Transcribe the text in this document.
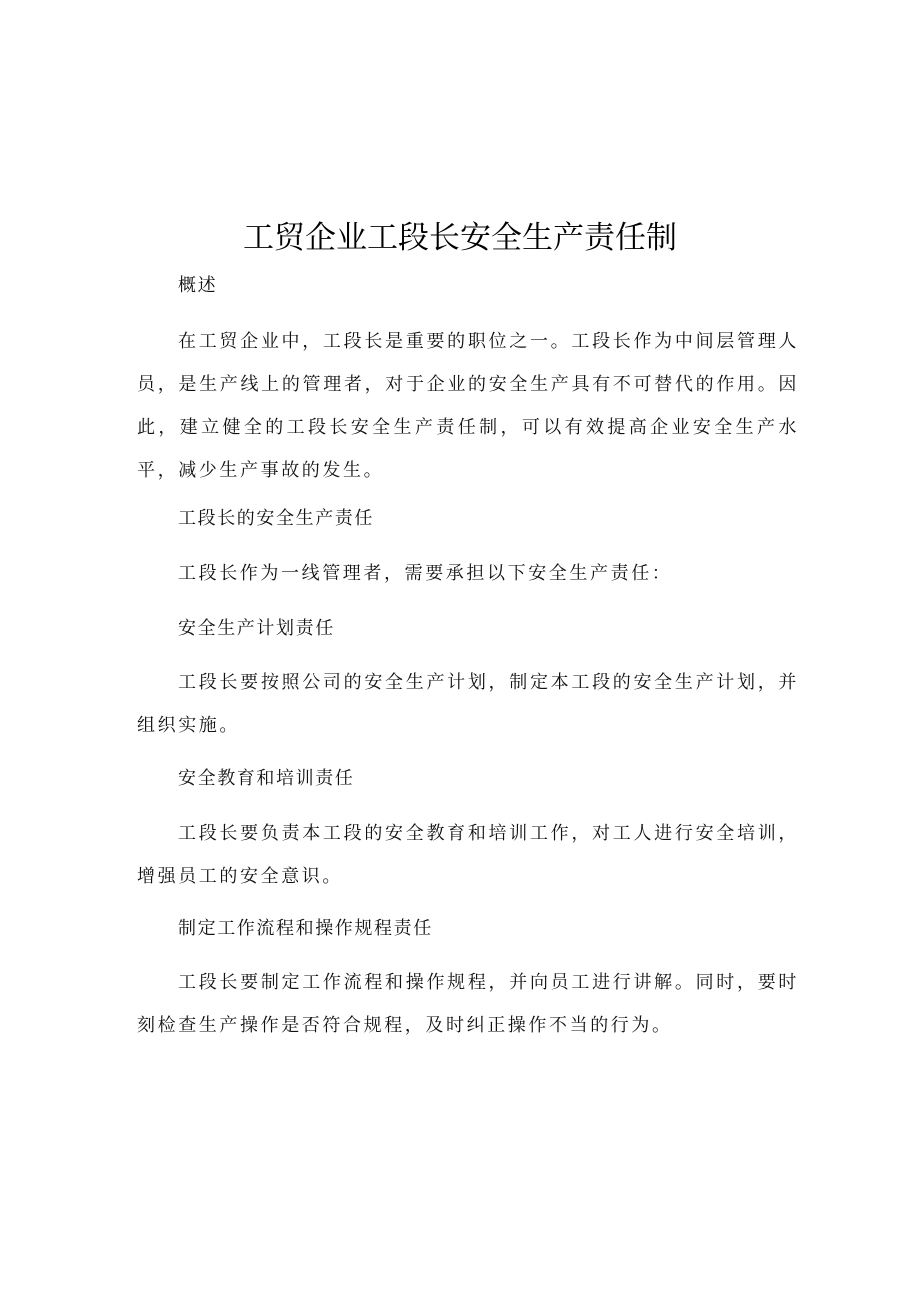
工贸企业工段长安全生产责任制

概述

在工贸企业中，工段长是重要的职位之一。工段长作为中间层管理人员，是生产线上的管理者，对于企业的安全生产具有不可替代的作用。因此，建立健全的工段长安全生产责任制，可以有效提高企业安全生产水平，减少生产事故的发生。

工段长的安全生产责任

工段长作为一线管理者，需要承担以下安全生产责任：

安全生产计划责任

工段长要按照公司的安全生产计划，制定本工段的安全生产计划，并组织实施。

安全教育和培训责任

工段长要负责本工段的安全教育和培训工作，对工人进行安全培训，增强员工的安全意识。

制定工作流程和操作规程责任

工段长要制定工作流程和操作规程，并向员工进行讲解。同时，要时刻检查生产操作是否符合规程，及时纠正操作不当的行为。
